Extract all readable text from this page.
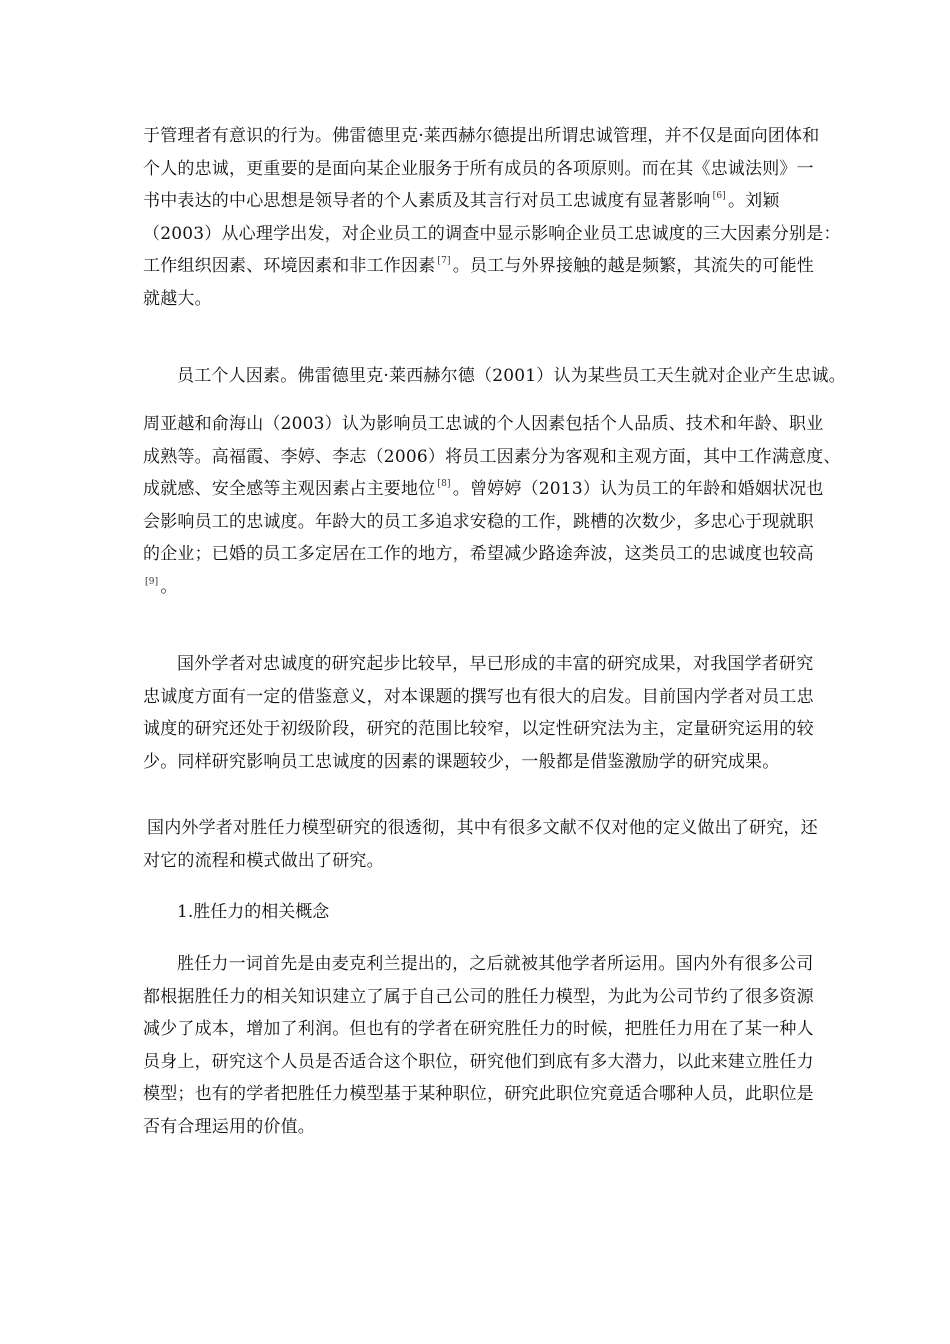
于管理者有意识的行为。佛雷德里克·莱西赫尔德提出所谓忠诚管理，并不仅是面向团体和
个人的忠诚，更重要的是面向某企业服务于所有成员的各项原则。而在其《忠诚法则》一
书中表达的中心思想是领导者的个人素质及其言行对员工忠诚度有显著影响 [6] 。刘颖
（2003）从心理学出发，对企业员工的调查中显示影响企业员工忠诚度的三大因素分别是：
工作组织因素、环境因素和非工作因素 [7] 。员工与外界接触的越是频繁，其流失的可能性
就越大。
员工个人因素。佛雷德里克·莱西赫尔德（2001）认为某些员工天生就对企业产生忠诚。
周亚越和俞海山（2003）认为影响员工忠诚的个人因素包括个人品质、技术和年龄、职业
成熟等。高福霞、李婷、李志（2006）将员工因素分为客观和主观方面，其中工作满意度、
成就感、安全感等主观因素占主要地位 [8] 。曾婷婷（2013）认为员工的年龄和婚姻状况也
会影响员工的忠诚度。年龄大的员工多追求安稳的工作，跳槽的次数少，多忠心于现就职
的企业；已婚的员工多定居在工作的地方，希望减少路途奔波，这类员工的忠诚度也较高
[9] 。
国外学者对忠诚度的研究起步比较早，早已形成的丰富的研究成果，对我国学者研究
忠诚度方面有一定的借鉴意义，对本课题的撰写也有很大的启发。目前国内学者对员工忠
诚度的研究还处于初级阶段，研究的范围比较窄，以定性研究法为主，定量研究运用的较
少。同样研究影响员工忠诚度的因素的课题较少，一般都是借鉴激励学的研究成果。
国内外学者对胜任力模型研究的很透彻，其中有很多文献不仅对他的定义做出了研究，还
对它的流程和模式做出了研究。
1.胜任力的相关概念
胜任力一词首先是由麦克利兰提出的，之后就被其他学者所运用。国内外有很多公司
都根据胜任力的相关知识建立了属于自己公司的胜任力模型，为此为公司节约了很多资源
减少了成本，增加了利润。但也有的学者在研究胜任力的时候，把胜任力用在了某一种人
员身上，研究这个人员是否适合这个职位，研究他们到底有多大潜力，以此来建立胜任力
模型；也有的学者把胜任力模型基于某种职位，研究此职位究竟适合哪种人员，此职位是
否有合理运用的价值。
